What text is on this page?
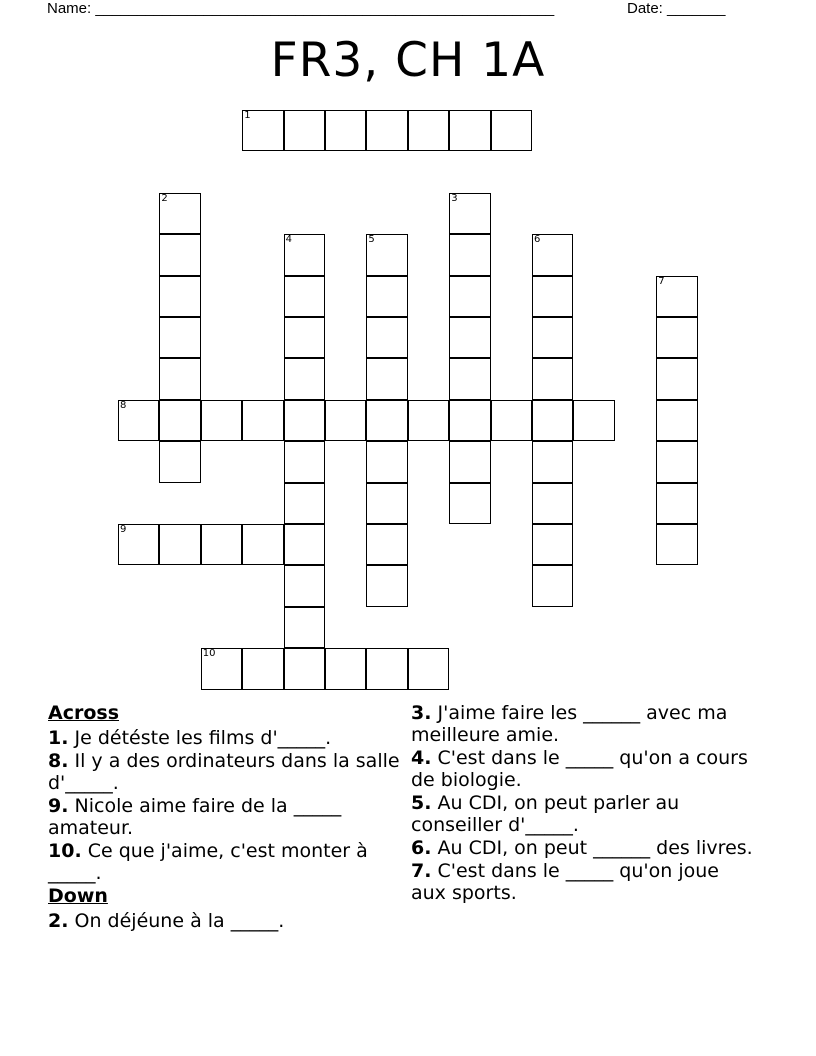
Name: _______________________________________________________	Date: _______
FR3, CH 1A
1
2	3
4	5	6
7
8
9
10
Across
1. Je détéste les films d'_____.
8. Il y a des ordinateurs dans la salle d'_____.
9. Nicole aime faire de la _____ amateur.
10. Ce que j'aime, c'est monter à _____.
Down
2. On déjéune à la _____.
3. J'aime faire les ______ avec ma meilleure amie.
4. C'est dans le _____ qu'on a cours de biologie.
5. Au CDI, on peut parler au conseiller d'_____.
6. Au CDI, on peut ______ des livres.
7. C'est dans le _____ qu'on joue aux sports.
